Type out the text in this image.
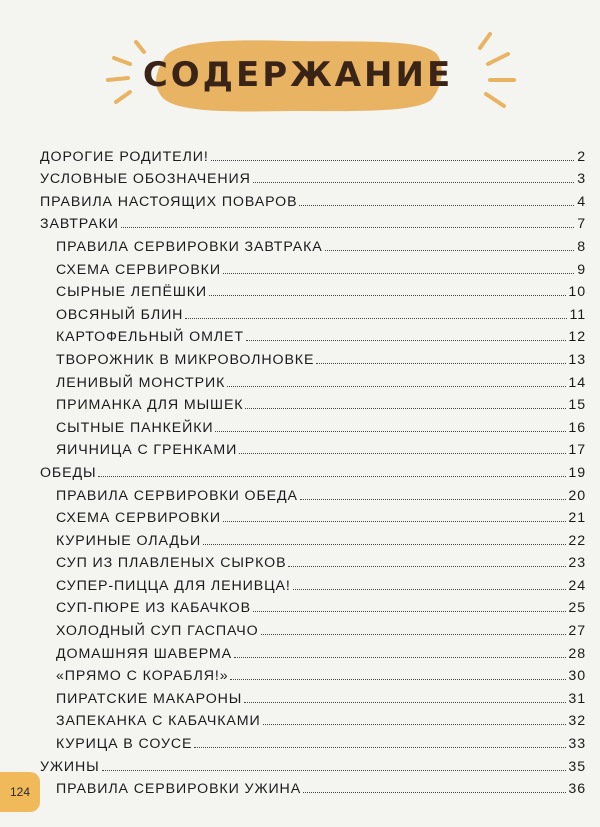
СОДЕРЖАНИЕ
ДОРОГИЕ РОДИТЕЛИ!	2
УСЛОВНЫЕ ОБОЗНАЧЕНИЯ	3
ПРАВИЛА НАСТОЯЩИХ ПОВАРОВ	4
ЗАВТРАКИ	7
ПРАВИЛА СЕРВИРОВКИ ЗАВТРАКА	8
СХЕМА СЕРВИРОВКИ	9
СЫРНЫЕ ЛЕПЁШКИ	10
ОВСЯНЫЙ БЛИН	11
КАРТОФЕЛЬНЫЙ ОМЛЕТ	12
ТВОРОЖНИК В МИКРОВОЛНОВКЕ	13
ЛЕНИВЫЙ МОНСТРИК	14
ПРИМАНКА ДЛЯ МЫШЕК	15
СЫТНЫЕ ПАНКЕЙКИ	16
ЯИЧНИЦА С ГРЕНКАМИ	17
ОБЕДЫ	19
ПРАВИЛА СЕРВИРОВКИ ОБЕДА	20
СХЕМА СЕРВИРОВКИ	21
КУРИНЫЕ ОЛАДЬИ	22
СУП ИЗ ПЛАВЛЕНЫХ СЫРКОВ	23
СУПЕР-ПИЦЦА ДЛЯ ЛЕНИВЦА!	24
СУП-ПЮРЕ ИЗ КАБАЧКОВ	25
ХОЛОДНЫЙ СУП ГАСПАЧО	27
ДОМАШНЯЯ ШАВЕРМА	28
«ПРЯМО С КОРАБЛЯ!»	30
ПИРАТСКИЕ МАКАРОНЫ	31
ЗАПЕКАНКА С КАБАЧКАМИ	32
КУРИЦА В СОУСЕ	33
УЖИНЫ	35
ПРАВИЛА СЕРВИРОВКИ УЖИНА	36
124
